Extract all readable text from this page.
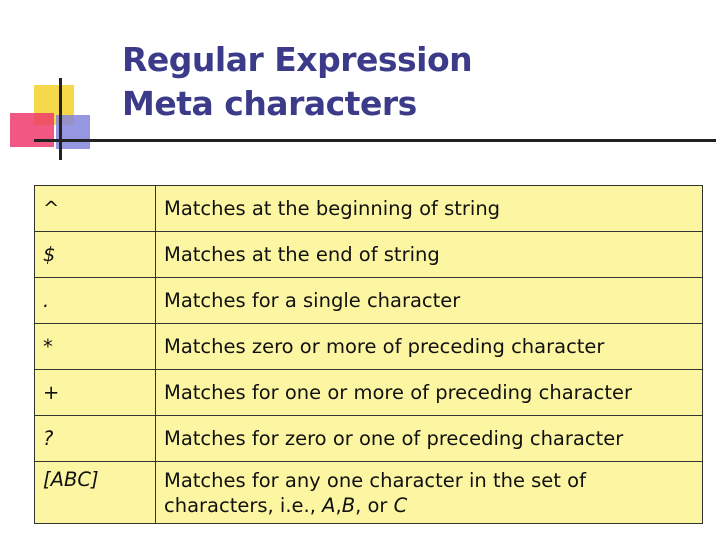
Regular Expression
Meta characters
^	Matches at the beginning of string
$	Matches at the end of string
.	Matches for a single character
*	Matches zero or more of preceding character
+	Matches for one or more of preceding character
?	Matches for zero or one of preceding character
[ABC]	Matches for any one character in the set of characters, i.e., A,B, or C
